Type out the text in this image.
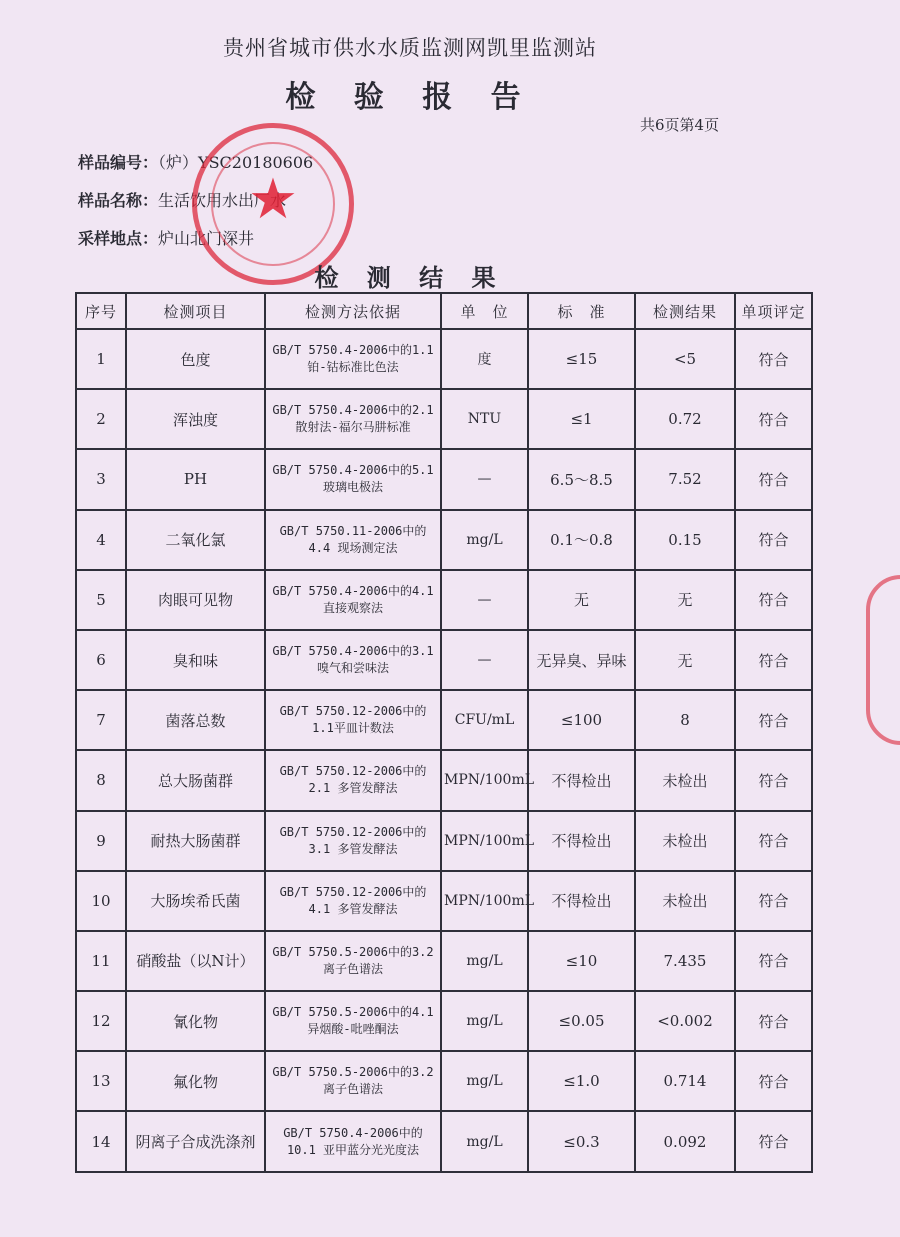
贵州省城市供水水质监测网凯里监测站
检 验 报 告
共6页第4页
样品编号：（炉）YSC20180606
样品名称：生活饮用水出厂水
采样地点：炉山北门深井
★
检 测 结 果
序号	检测项目	检测方法依据	单　位	标　准	检测结果	单项评定
1	色度	GB/T 5750.4-2006中的1.1
铂-钴标准比色法	度	≤15	<5	符合
2	浑浊度	GB/T 5750.4-2006中的2.1
散射法-福尔马肼标准	NTU	≤1	0.72	符合
3	PH	GB/T 5750.4-2006中的5.1
玻璃电极法	—	6.5～8.5	7.52	符合
4	二氧化氯	GB/T 5750.11-2006中的
4.4 现场测定法	mg/L	0.1～0.8	0.15	符合
5	肉眼可见物	GB/T 5750.4-2006中的4.1
直接观察法	—	无	无	符合
6	臭和味	GB/T 5750.4-2006中的3.1
嗅气和尝味法	—	无异臭、异味	无	符合
7	菌落总数	GB/T 5750.12-2006中的
1.1平皿计数法	CFU/mL	≤100	8	符合
8	总大肠菌群	GB/T 5750.12-2006中的
2.1 多管发酵法	MPN/100mL	不得检出	未检出	符合
9	耐热大肠菌群	GB/T 5750.12-2006中的
3.1 多管发酵法	MPN/100mL	不得检出	未检出	符合
10	大肠埃希氏菌	GB/T 5750.12-2006中的
4.1 多管发酵法	MPN/100mL	不得检出	未检出	符合
11	硝酸盐（以N计）	GB/T 5750.5-2006中的3.2
离子色谱法	mg/L	≤10	7.435	符合
12	氰化物	GB/T 5750.5-2006中的4.1
异烟酸-吡唑酮法	mg/L	≤0.05	<0.002	符合
13	氟化物	GB/T 5750.5-2006中的3.2
离子色谱法	mg/L	≤1.0	0.714	符合
14	阴离子合成洗涤剂	GB/T 5750.4-2006中的
10.1 亚甲蓝分光光度法	mg/L	≤0.3	0.092	符合
